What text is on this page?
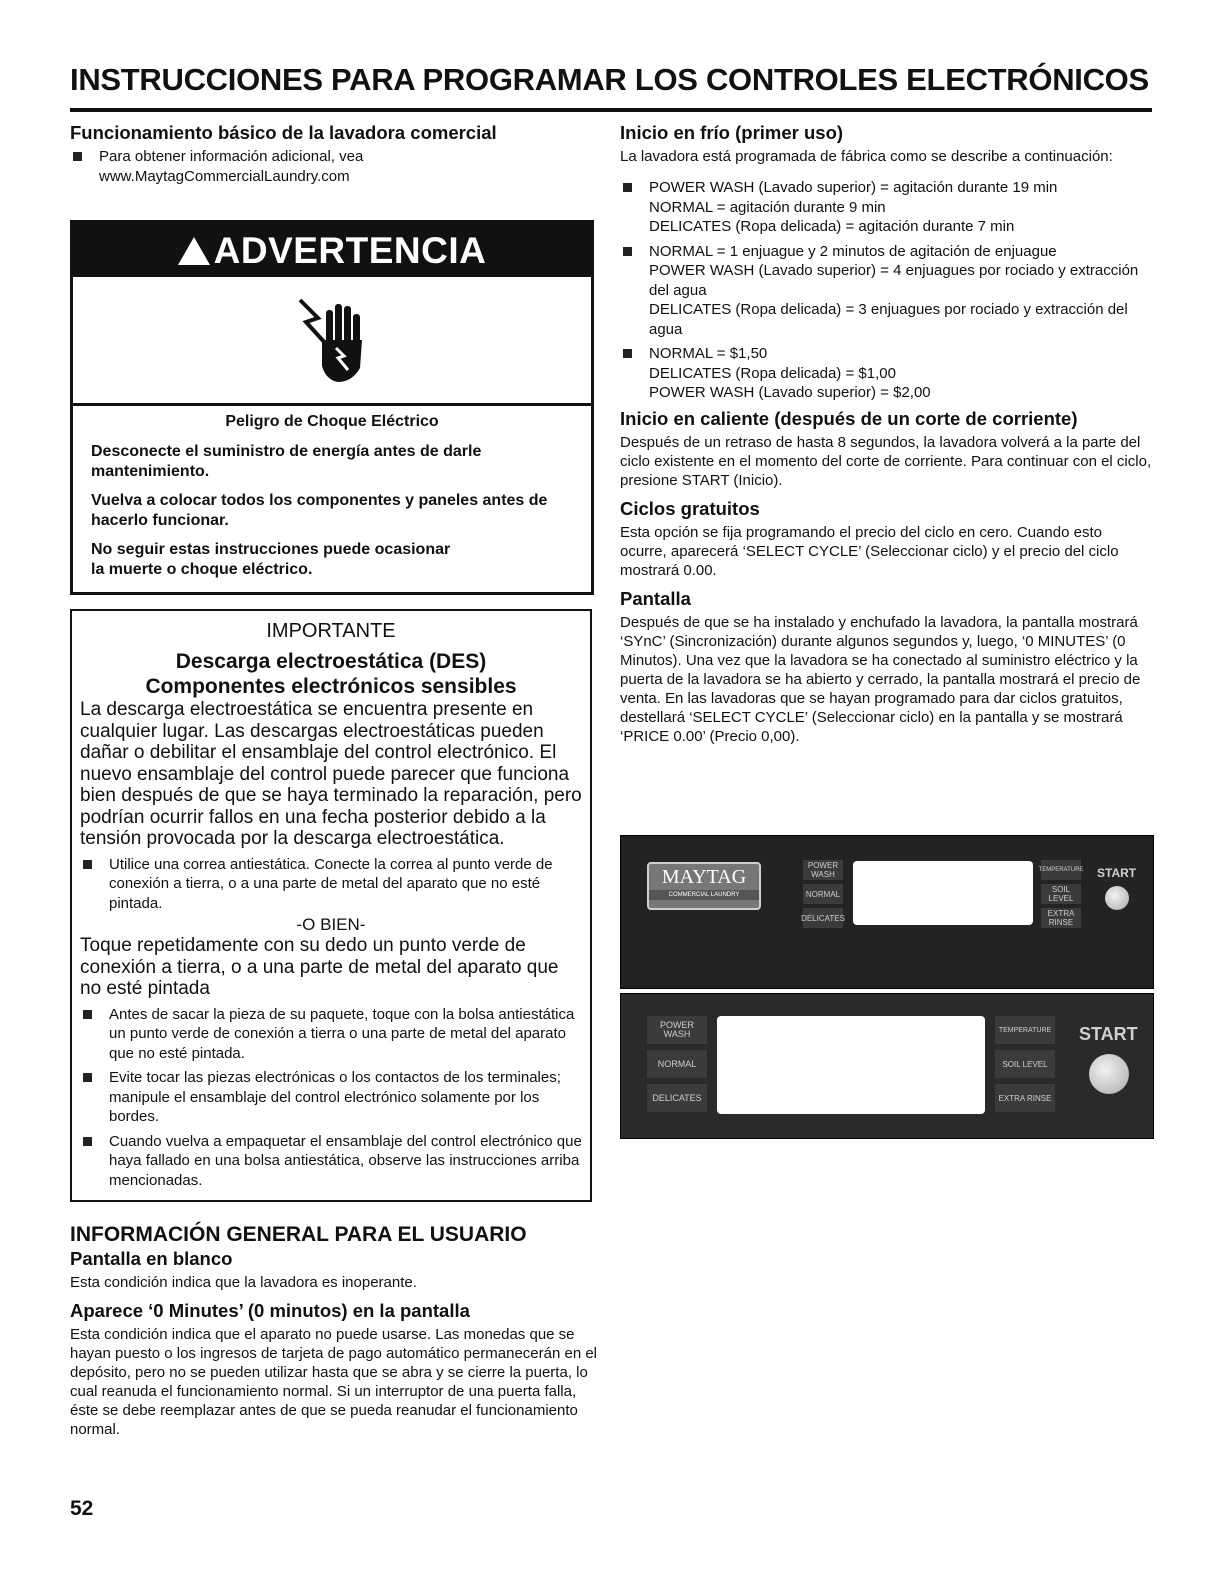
INSTRUCCIONES PARA PROGRAMAR LOS CONTROLES ELECTRÓNICOS
Funcionamiento básico de la lavadora comercial
Para obtener información adicional, vea
www.MaytagCommercialLaundry.com
ADVERTENCIA
Peligro de Choque Eléctrico

Desconecte el suministro de energía antes de darle mantenimiento.

Vuelva a colocar todos los componentes y paneles antes de hacerlo funcionar.

No seguir estas instrucciones puede ocasionar
la muerte o choque eléctrico.

IMPORTANTE
Descarga electroestática (DES)
Componentes electrónicos sensibles
La descarga electroestática se encuentra presente en cualquier lugar. Las descargas electroestáticas pueden dañar o debilitar el ensamblaje del control electrónico. El nuevo ensamblaje del control puede parecer que funciona bien después de que se haya terminado la reparación, pero podrían ocurrir fallos en una fecha posterior debido a la tensión provocada por la descarga electroestática.
Utilice una correa antiestática. Conecte la correa al punto verde de conexión a tierra, o a una parte de metal del aparato que no esté pintada.
-O BIEN-
Toque repetidamente con su dedo un punto verde de conexión a tierra, o a una parte de metal del aparato que no esté pintada
Antes de sacar la pieza de su paquete, toque con la bolsa antiestática un punto verde de conexión a tierra o una parte de metal del aparato que no esté pintada.
Evite tocar las piezas electrónicas o los contactos de los terminales; manipule el ensamblaje del control electrónico solamente por los bordes.
Cuando vuelva a empaquetar el ensamblaje del control electrónico que haya fallado en una bolsa antiestática, observe las instrucciones arriba mencionadas.
INFORMACIÓN GENERAL PARA EL USUARIO
Pantalla en blanco

Esta condición indica que la lavadora es inoperante.

Aparece ‘0 Minutes’ (0 minutos) en la pantalla

Esta condición indica que el aparato no puede usarse. Las monedas que se hayan puesto o los ingresos de tarjeta de pago automático permanecerán en el depósito, pero no se pueden utilizar hasta que se abra y se cierre la puerta, lo cual reanuda el funcionamiento normal. Si un interruptor de una puerta falla, éste se debe reemplazar antes de que se pueda reanudar el funcionamiento normal.

52
Inicio en frío (primer uso)

La lavadora está programada de fábrica como se describe a continuación:

POWER WASH (Lavado superior) = agitación durante 19 min
NORMAL = agitación durante 9 min
DELICATES (Ropa delicada) = agitación durante 7 min
NORMAL = 1 enjuague y 2 minutos de agitación de enjuague
POWER WASH (Lavado superior) = 4 enjuagues por rociado y extracción del agua
DELICATES (Ropa delicada) = 3 enjuagues por rociado y extracción del agua
NORMAL = $1,50
DELICATES (Ropa delicada) = $1,00
POWER WASH (Lavado superior) = $2,00
Inicio en caliente (después de un corte de corriente)

Después de un retraso de hasta 8 segundos, la lavadora volverá a la parte del ciclo existente en el momento del corte de corriente. Para continuar con el ciclo, presione START (Inicio).

Ciclos gratuitos

Esta opción se fija programando el precio del ciclo en cero. Cuando esto ocurre, aparecerá ‘SELECT CYCLE’ (Seleccionar ciclo) y el precio del ciclo mostrará 0.00.

Pantalla

Después de que se ha instalado y enchufado la lavadora, la pantalla mostrará ‘SYnC’ (Sincronización) durante algunos segundos y, luego, ‘0 MINUTES’ (0 Minutos). Una vez que la lavadora se ha conectado al suministro eléctrico y la puerta de la lavadora se ha abierto y cerrado, la pantalla mostrará el precio de venta. En las lavadoras que se hayan programado para dar ciclos gratuitos, destellará ‘SELECT CYCLE’ (Seleccionar ciclo) en la pantalla y se mostrará ‘PRICE 0.00’ (Precio 0,00).

MAYTAG
COMMERCIAL LAUNDRY
POWER WASH
NORMAL
DELICATES
TEMPERATURE
SOIL LEVEL
EXTRA RINSE
START
POWER WASH
NORMAL
DELICATES
TEMPERATURE
SOIL LEVEL
EXTRA RINSE
START
